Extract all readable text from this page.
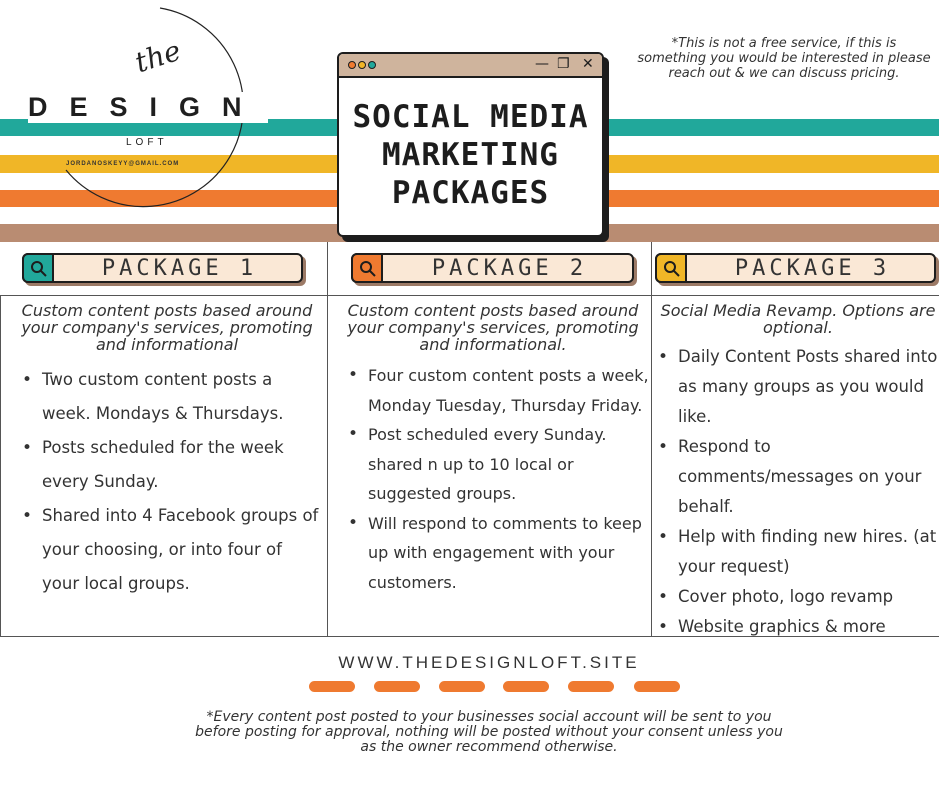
the
DESIGN
LOFT
JORDANOSKEYY@GMAIL.COM
*This is not a free service, if this is something you would be interested in please reach out & we can discuss pricing.
— ❐ ✕
SOCIAL MEDIA MARKETING PACKAGES
PACKAGE 1	PACKAGE 2	PACKAGE 3
Custom content posts based around your company's services, promoting and informational
• Two custom content posts a week. Mondays & Thursdays.
• Posts scheduled for the week every Sunday.
• Shared into 4 Facebook groups of your choosing, or into four of your local groups.
Custom content posts based around your company's services, promoting and informational.
• Four custom content posts a week, Monday Tuesday, Thursday Friday.
• Post scheduled every Sunday. shared n up to 10 local or suggested groups.
• Will respond to comments to keep up with engagement with your customers.
Social Media Revamp. Options are optional.
• Daily Content Posts shared into as many groups as you would like.
• Respond to comments/messages on your behalf.
• Help with finding new hires. (at your request)
• Cover photo, logo revamp
• Website graphics & more
WWW.THEDESIGNLOFT.SITE
*Every content post posted to your businesses social account will be sent to you before posting for approval, nothing will be posted without your consent unless you as the owner recommend otherwise.
